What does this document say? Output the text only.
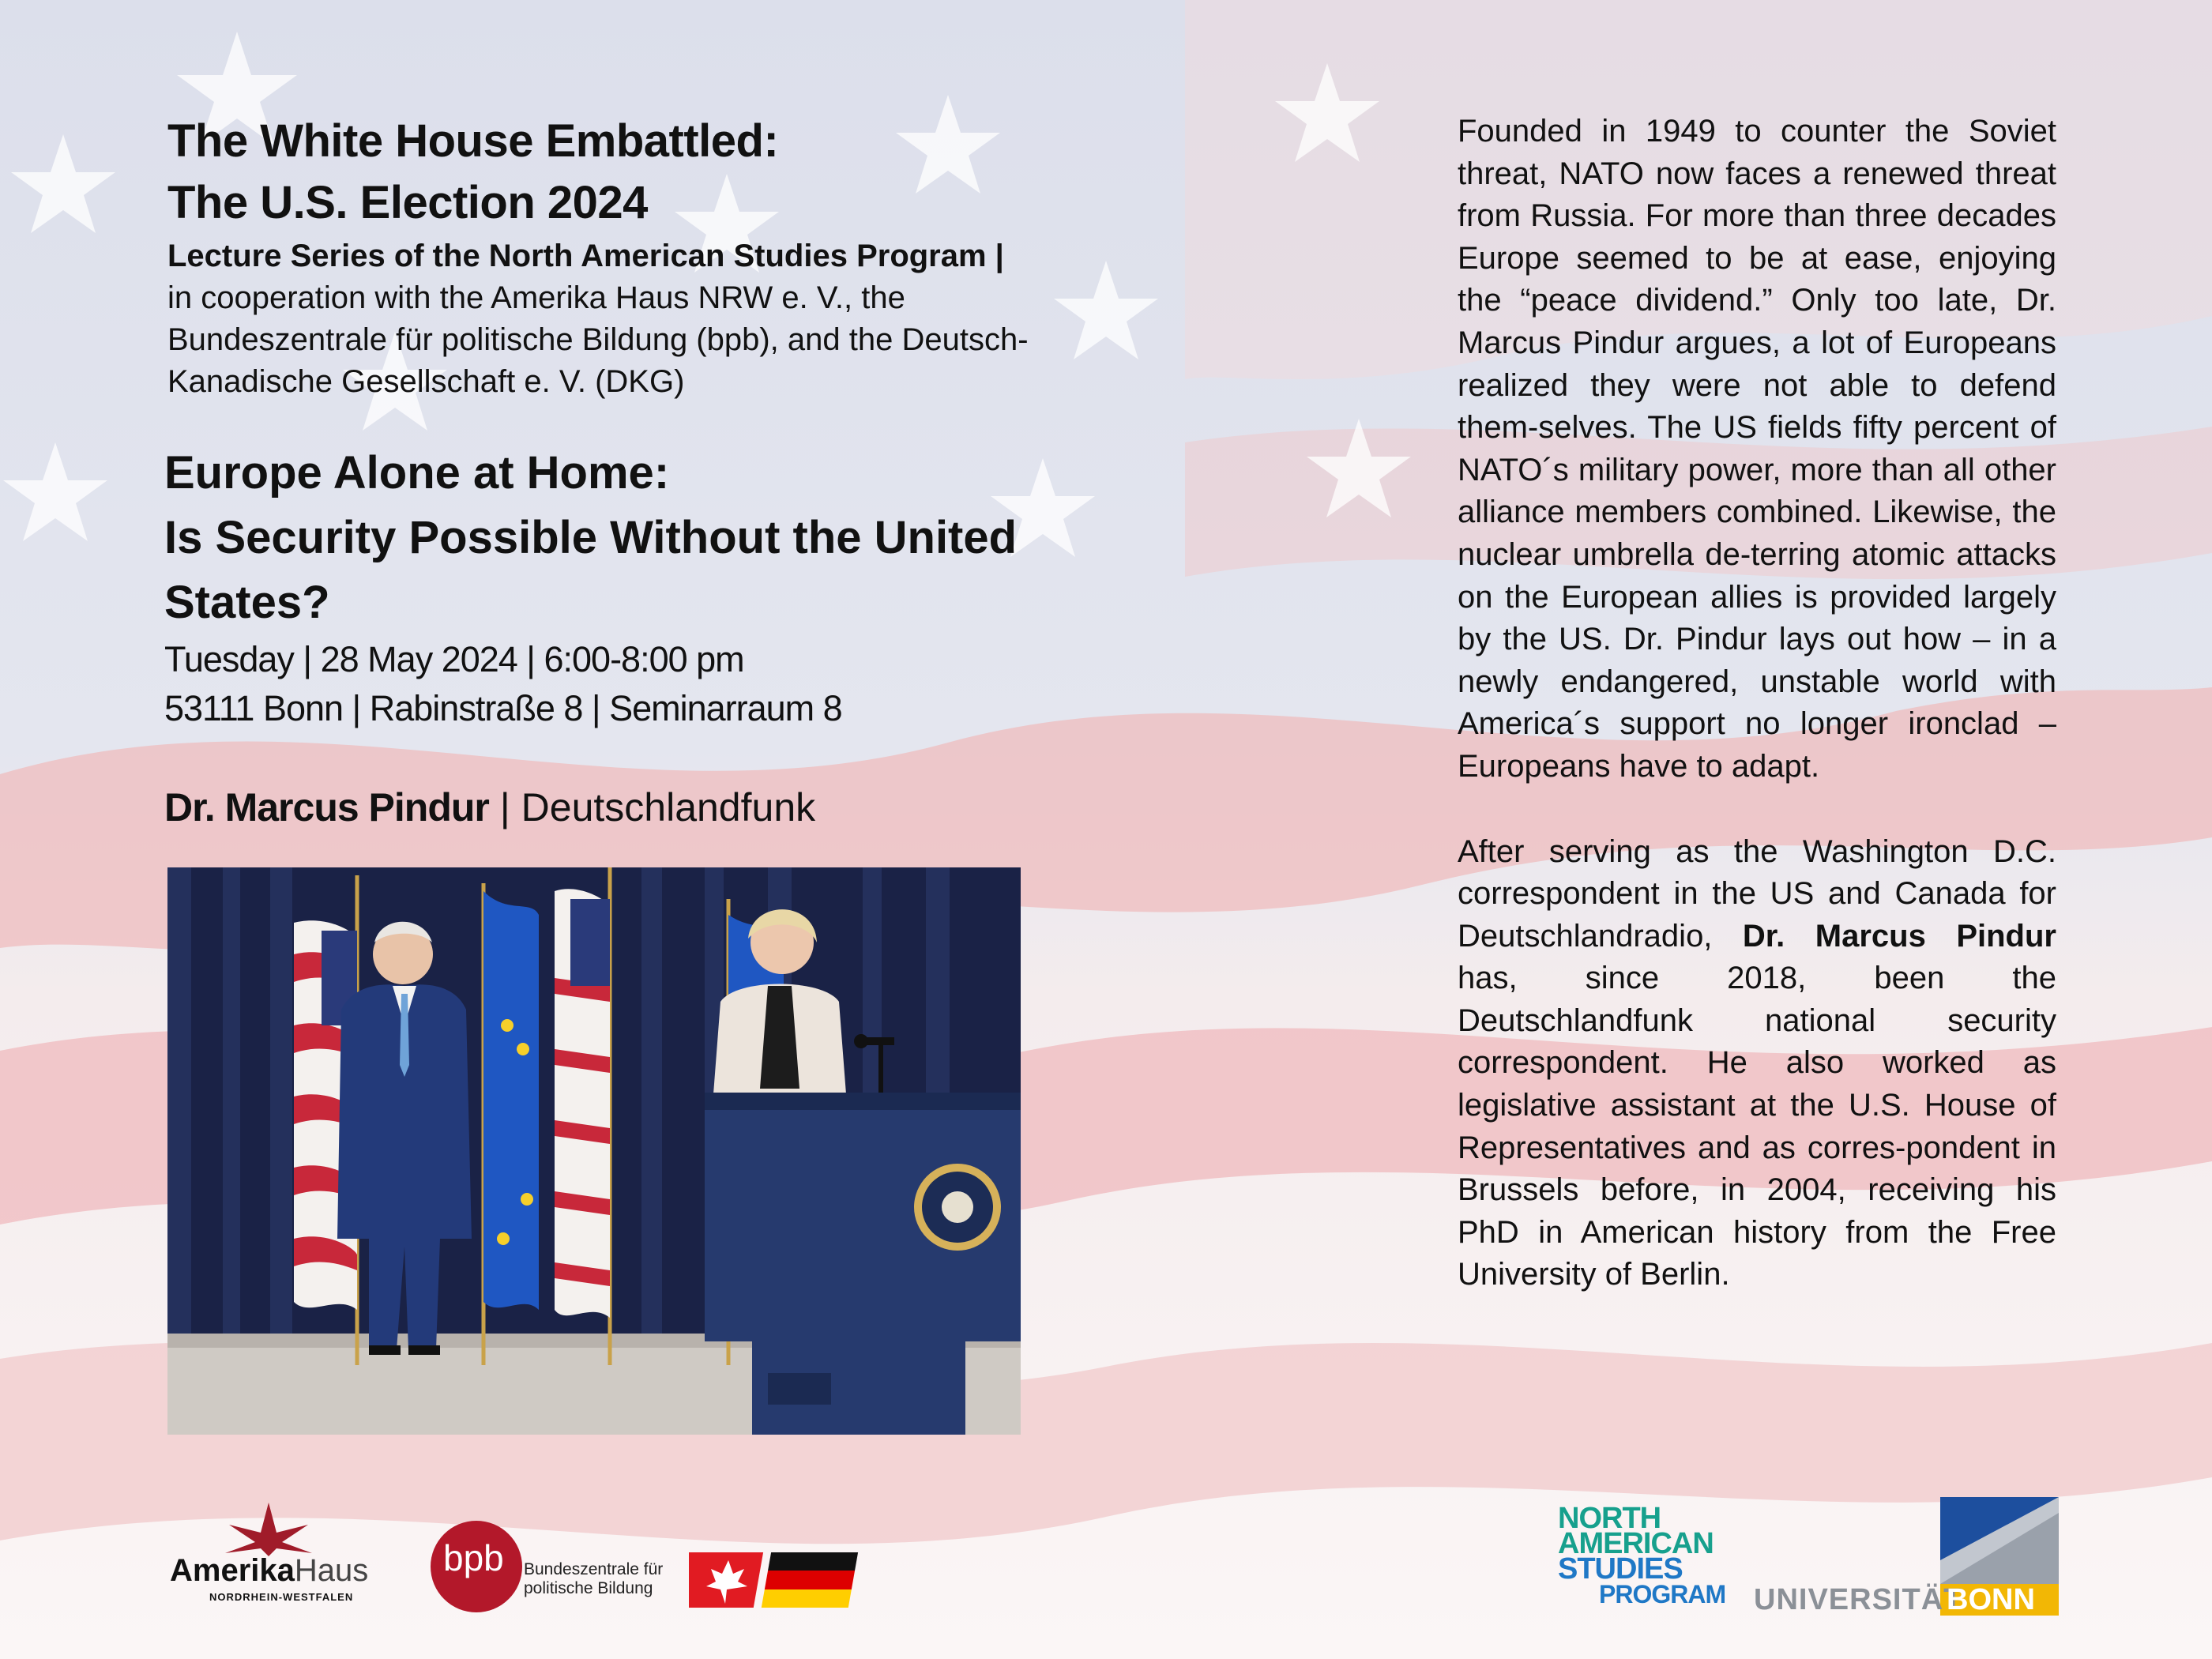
The White House Embattled:
The U.S. Election 2024
Lecture Series of the North American Studies Program |
in cooperation with the Amerika Haus NRW e. V., the
Bundeszentrale für politische Bildung (bpb), and the Deutsch-
Kanadische Gesellschaft e. V. (DKG)
Europe Alone at Home:
Is Security Possible Without the United
States?
Tuesday | 28 May 2024 | 6:00-8:00 pm
53111 Bonn | Rabinstraße 8 | Seminarraum 8
Dr. Marcus Pindur | Deutschlandfunk

Founded in 1949 to counter the Soviet threat, NATO now faces a renewed threat from Russia. For more than three decades Europe seemed to be at ease, enjoying the “peace dividend.” Only too late, Dr. Marcus Pindur argues, a lot of Europeans realized they were not able to defend them-selves. The US fields fifty percent of NATO´s military power, more than all other alliance members combined. Likewise, the nuclear umbrella de-terring atomic attacks on the European allies is provided largely by the US. Dr. Pindur lays out how – in a newly endangered, unstable world with America´s support no longer ironclad – Europeans have to adapt.

After serving as the Washington D.C. correspondent in the US and Canada for Deutschlandradio, Dr. Marcus Pindur has, since 2018, been the Deutschlandfunk national security correspondent. He also worked as legislative assistant at the U.S. House of Representatives and as corres-pondent in Brussels before, in 2004, receiving his PhD in American history from the Free University of Berlin.

AmerikaHaus
NORDRHEIN-WESTFALEN
bpb Bundeszentrale für
politische Bildung
NORTH
AMERICAN
STUDIES
PROGRAM UNIVERSITÄT
BONN
